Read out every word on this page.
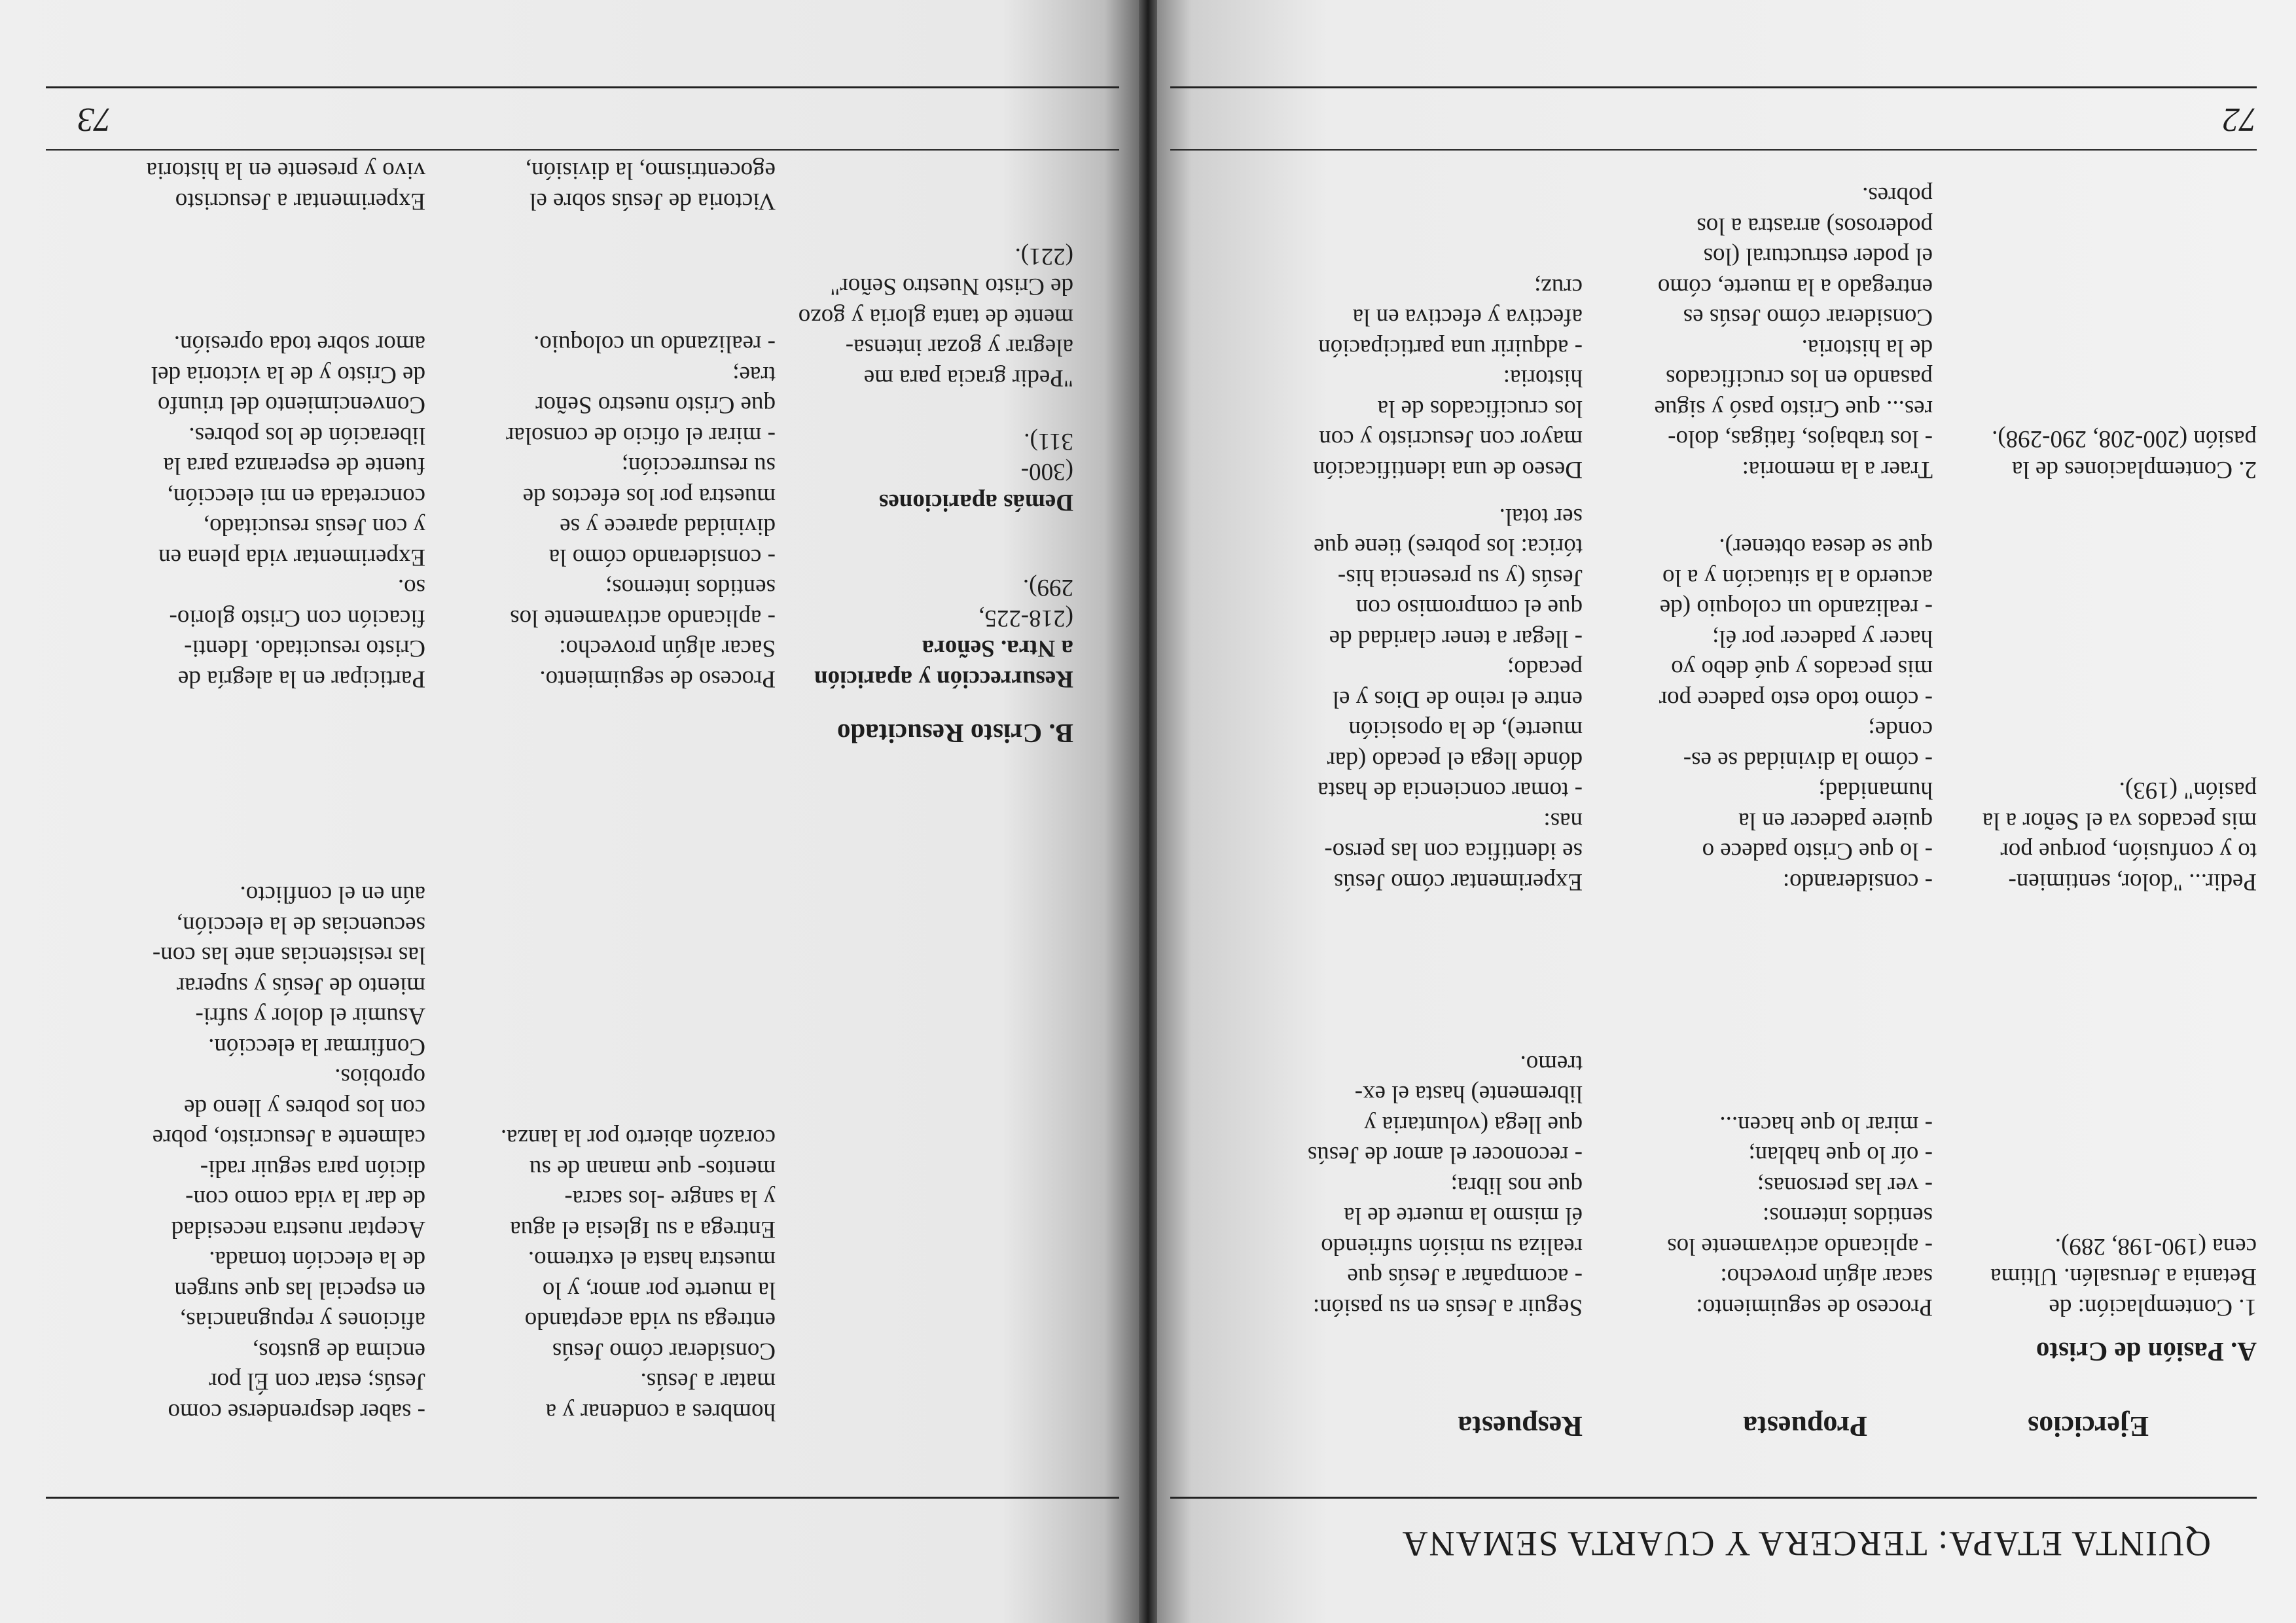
QUINTA ETAPA: TERCERA Y CUARTA SEMANA
Ejercicios
Propuesta
Respuesta
A. Pasión de Cristo
1. Contemplación: de
Betania a Jerusalén. Ultima
cena (190-198, 289).
Proceso de seguimiento:
sacar algún provecho:
- aplicando activamente los
sentidos internos:
- ver las personas;
- oír lo que hablan;
- mirar lo que hacen...
Seguir a Jesús en su pasión:
- acompañar a Jesús que
realiza su misión sufriendo
él mismo la muerte de la
que nos libra;
- reconocer el amor de Jesús
que llega (voluntaria y
libremente) hasta el ex-
tremo.
Pedir... "dolor, sentimien-
to y confusión, porque por
mis pecados va el Señor a la
pasión" (193).
- considerando:
- lo que Cristo padece o
quiere padecer en la
humanidad;
- cómo la divinidad se es-
conde;
- cómo todo esto padece por
mis pecados y qué debo yo
hacer y padecer por él;
- realizando un coloquio (de
acuerdo a la situación y a lo
que se desea obtener).
Experimentar cómo Jesús
se identifica con las perso-
nas:
- tomar conciencia de hasta
dónde llega el pecado (dar
muerte), de la oposición
entre el reino de Dios y el
pecado;
- llegar a tener claridad de
que el compromiso con
Jesús (y su presencia his-
tórica: los pobres) tiene que
ser total.
2. Contemplaciones de la
pasión (200-208, 290-298).
Traer a la memoria:
- los trabajos, fatigas, dolo-
res... que Cristo pasó y sigue
pasando en los crucificados
de la historia.
Considerar cómo Jesús es
entregado a la muerte, cómo
el poder estructural (los
poderosos) arrastra a los
pobres.
Deseo de una identificación
mayor con Jesucristo y con
los crucificados de la
historia:
- adquirir una participación
afectiva y efectiva en la
cruz;
72
hombres a condenar y a
matar a Jesús.
Considerar cómo Jesús
entrega su vida aceptando
la muerte por amor, y lo
muestra hasta el extremo.
Entrega a su Iglesia el agua
y la sangre -los sacra-
mentos- que manan de su
corazón abierto por la lanza.
- saber desprenderse como
Jesús; estar con Él por
encima de gustos,
aficiones y repugnancias,
en especial las que surgen
de la elección tomada.
Aceptar nuestra necesidad
de dar la vida como con-
dición para seguir radi-
calmente a Jesucristo, pobre
con los pobres y lleno de
oprobios.
Confirmar la elección.
Asumir el dolor y sufri-
miento de Jesús y superar
las resistencias ante las con-
secuencias de la elección,
aún en el conflicto.
B. Cristo Resucitado
Resurrección y aparición
a Ntra. Señora
(218-225,
299).
Proceso de seguimiento.
Sacar algún provecho:
- aplicando activamente los
sentidos internos;
- considerando cómo la
divinidad aparece y se
muestra por los efectos de
su resurrección;
- mirar el oficio de consolar
que Cristo nuestro Señor
trae;
- realizando un coloquio.
Participar en la alegría de
Cristo resucitado. Identi-
ficación con Cristo glorio-
so.
Experimentar vida plena en
y con Jesús resucitado,
concretada en mi elección,
fuente de esperanza para la
liberación de los pobres.
Convencimiento del triunfo
de Cristo y de la victoria del
amor sobre toda opresión.
Demás apariciones
(300-
311).
"Pedir gracia para me
alegrar y gozar intensa-
mente de tanta gloria y gozo
de Cristo Nuestro Señor"
(221).
Victoria de Jesús sobre el
egocentrismo, la división,
Experimentar a Jesucristo
vivo y presente en la historia
73
